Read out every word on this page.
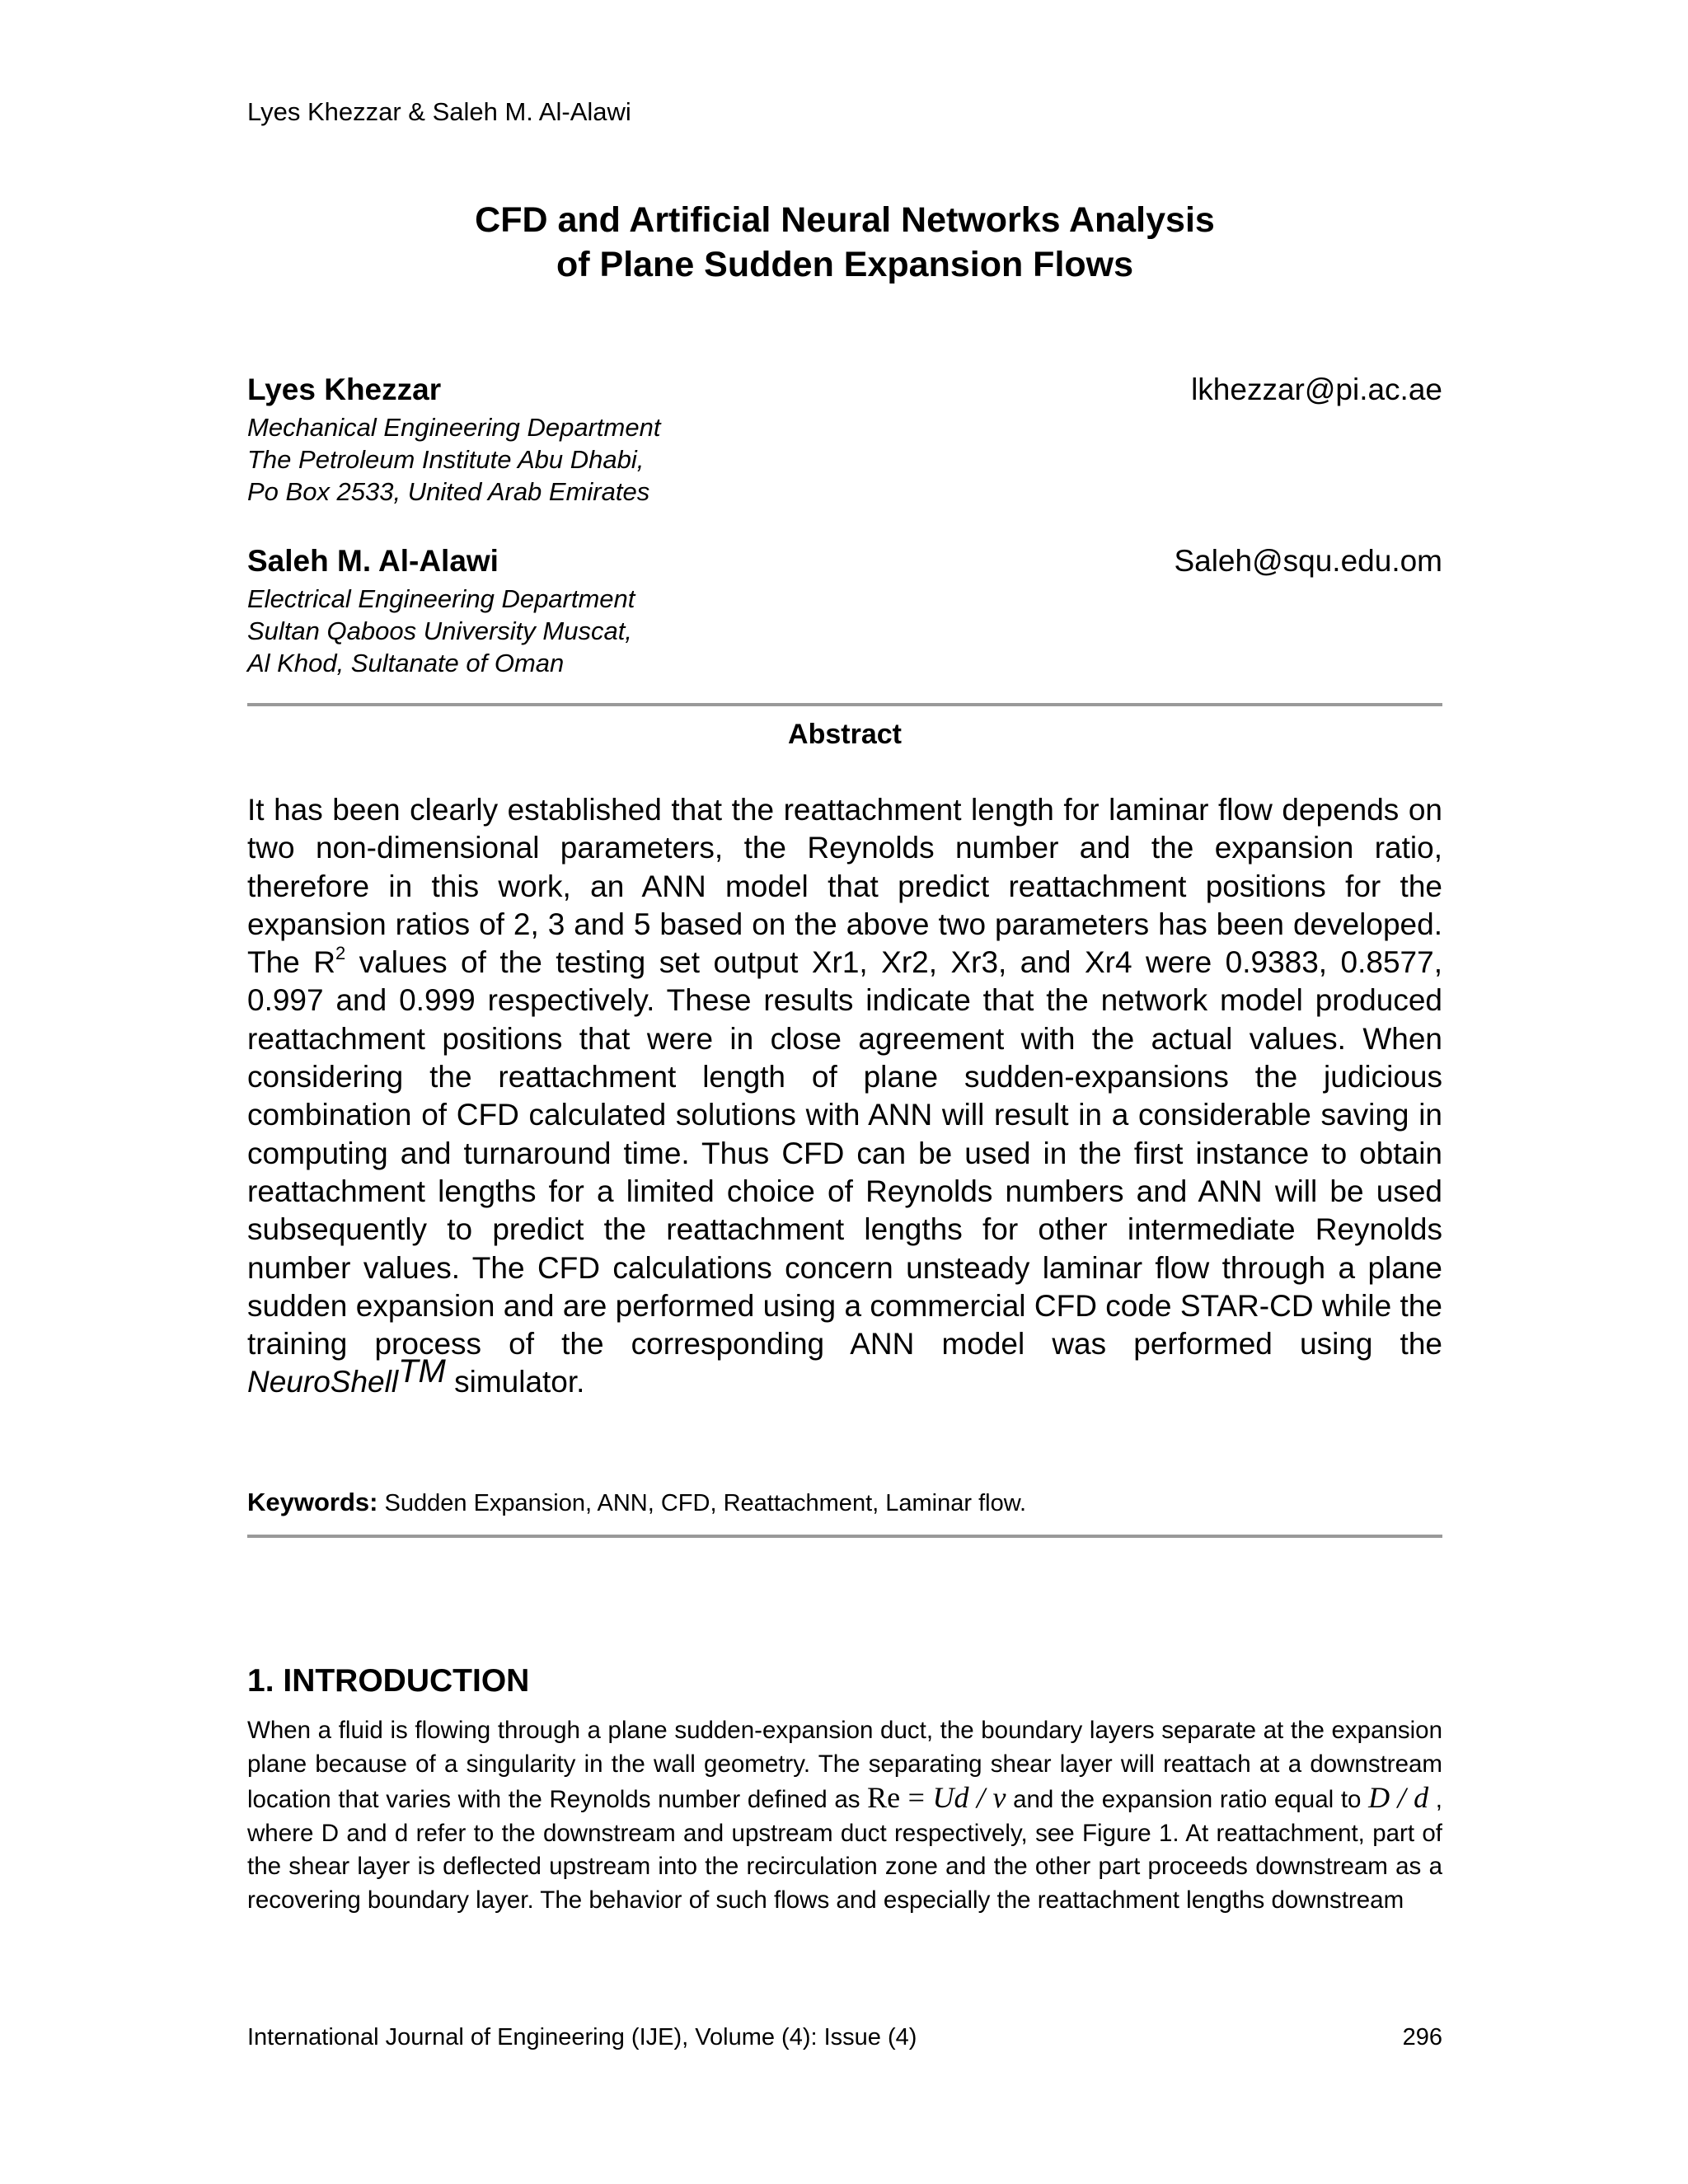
Lyes Khezzar & Saleh M. Al-Alawi
CFD and Artificial Neural Networks Analysis
of Plane Sudden Expansion Flows
Lyes Khezzar	lkhezzar@pi.ac.ae
Mechanical Engineering Department
The Petroleum Institute Abu Dhabi,
Po Box 2533, United Arab Emirates
Saleh M. Al-Alawi	Saleh@squ.edu.om
Electrical Engineering Department
Sultan Qaboos University Muscat,
Al Khod, Sultanate of Oman
Abstract
It has been clearly established that the reattachment length for laminar flow depends on two non-dimensional parameters, the Reynolds number and the expansion ratio, therefore in this work, an ANN model that predict reattachment positions for the expansion ratios of 2, 3 and 5 based on the above two parameters has been developed. The $R^2$ values of the testing set output Xr1, Xr2, Xr3, and Xr4 were 0.9383, 0.8577, 0.997 and 0.999 respectively. These results indicate that the network model produced reattachment positions that were in close agreement with the actual values. When considering the reattachment length of plane sudden-expansions the judicious combination of CFD calculated solutions with ANN will result in a considerable saving in computing and turnaround time. Thus CFD can be used in the first instance to obtain reattachment lengths for a limited choice of Reynolds numbers and ANN will be used subsequently to predict the reattachment lengths for other intermediate Reynolds number values. The CFD calculations concern unsteady laminar flow through a plane sudden expansion and are performed using a commercial CFD code STAR-CD while the training process of the corresponding ANN model was performed using the NeuroShellTM simulator.
Keywords: Sudden Expansion, ANN, CFD, Reattachment, Laminar flow.
1. INTRODUCTION
When a fluid is flowing through a plane sudden-expansion duct, the boundary layers separate at the expansion plane because of a singularity in the wall geometry. The separating shear layer will reattach at a downstream location that varies with the Reynolds number defined as Re = Ud / ν and the expansion ratio equal to D / d , where D and d refer to the downstream and upstream duct respectively, see Figure 1. At reattachment, part of the shear layer is deflected upstream into the recirculation zone and the other part proceeds downstream as a recovering boundary layer. The behavior of such flows and especially the reattachment lengths downstream
International Journal of Engineering (IJE), Volume (4): Issue (4)	296
